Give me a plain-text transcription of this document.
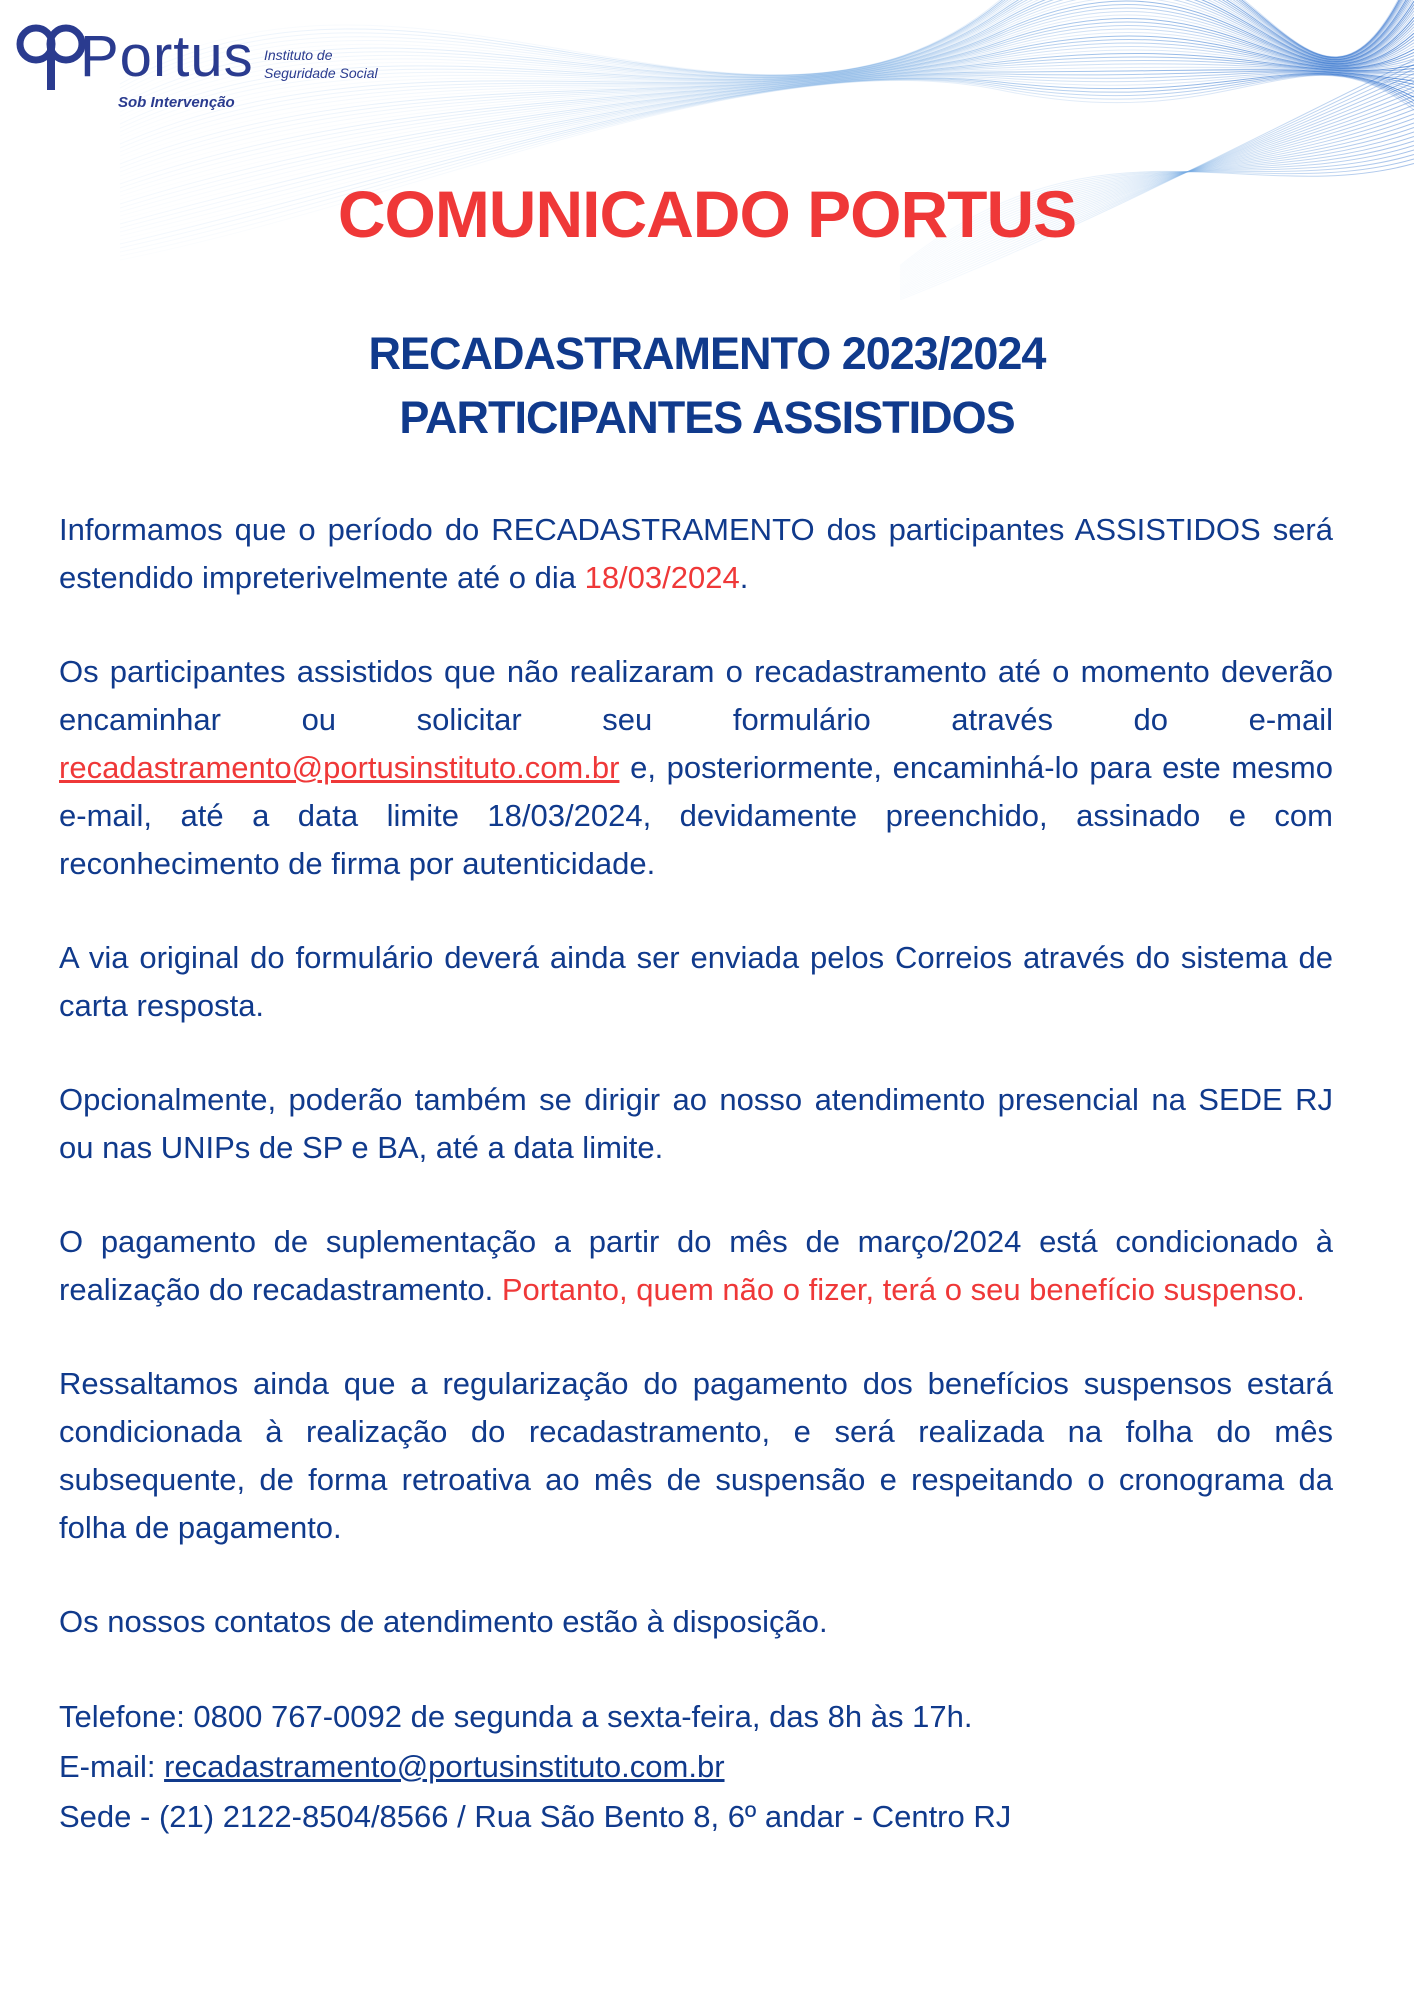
Portus
Sob Intervenção
Instituto de
Seguridade Social
COMUNICADO PORTUS
RECADASTRAMENTO 2023/2024
PARTICIPANTES ASSISTIDOS

Informamos que o período do RECADASTRAMENTO dos participantes ASSISTIDOS será estendido impreterivelmente até o dia 18/03/2024.

Os participantes assistidos que não realizaram o recadastramento até o momento deverão encaminhar ou solicitar seu formulário através do e-mail recadastramento@portusinstituto.com.br e, posteriormente, encaminhá-lo para este mesmo e-mail, até a data limite 18/03/2024, devidamente preenchido, assinado e com reconhecimento de firma por autenticidade.

A via original do formulário deverá ainda ser enviada pelos Correios através do sistema de carta resposta.

Opcionalmente, poderão também se dirigir ao nosso atendimento presencial na SEDE RJ ou nas UNIPs de SP e BA, até a data limite.

O pagamento de suplementação a partir do mês de março/2024 está condicionado à realização do recadastramento. Portanto, quem não o fizer, terá o seu benefício suspenso.

Ressaltamos ainda que a regularização do pagamento dos benefícios suspensos estará condicionada à realização do recadastramento, e será realizada na folha do mês subsequente, de forma retroativa ao mês de suspensão e respeitando o cronograma da folha de pagamento.

Os nossos contatos de atendimento estão à disposição.

Telefone: 0800 767-0092 de segunda a sexta-feira, das 8h às 17h.

E-mail: recadastramento@portusinstituto.com.br

Sede - (21) 2122-8504/8566 / Rua São Bento 8, 6º andar - Centro RJ
